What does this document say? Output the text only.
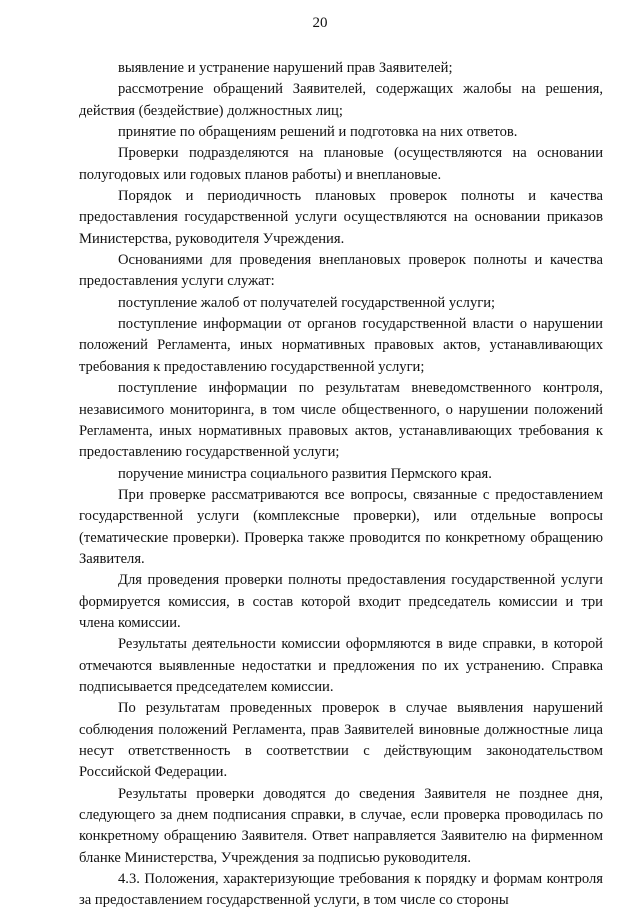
20

выявление и устранение нарушений прав Заявителей;

рассмотрение обращений Заявителей, содержащих жалобы на решения, действия (бездействие) должностных лиц;

принятие по обращениям решений и подготовка на них ответов.

Проверки подразделяются на плановые (осуществляются на основании полугодовых или годовых планов работы) и внеплановые.

Порядок и периодичность плановых проверок полноты и качества предоставления государственной услуги осуществляются на основании приказов Министерства, руководителя Учреждения.

Основаниями для проведения внеплановых проверок полноты и качества предоставления услуги служат:

поступление жалоб от получателей государственной услуги;

поступление информации от органов государственной власти о нарушении положений Регламента, иных нормативных правовых актов, устанавливающих требования к предоставлению государственной услуги;

поступление информации по результатам вневедомственного контроля, независимого мониторинга, в том числе общественного, о нарушении положений Регламента, иных нормативных правовых актов, устанавливающих требования к предоставлению государственной услуги;

поручение министра социального развития Пермского края.

При проверке рассматриваются все вопросы, связанные с предоставлением государственной услуги (комплексные проверки), или отдельные вопросы (тематические проверки). Проверка также проводится по конкретному обращению Заявителя.

Для проведения проверки полноты предоставления государственной услуги формируется комиссия, в состав которой входит председатель комиссии и три члена комиссии.

Результаты деятельности комиссии оформляются в виде справки, в которой отмечаются выявленные недостатки и предложения по их устранению. Справка подписывается председателем комиссии.

По результатам проведенных проверок в случае выявления нарушений соблюдения положений Регламента, прав Заявителей виновные должностные лица несут ответственность в соответствии с действующим законодательством Российской Федерации.

Результаты проверки доводятся до сведения Заявителя не позднее дня, следующего за днем подписания справки, в случае, если проверка проводилась по конкретному обращению Заявителя. Ответ направляется Заявителю на фирменном бланке Министерства, Учреждения за подписью руководителя.

4.3. Положения, характеризующие требования к порядку и формам контроля за предоставлением государственной услуги, в том числе со стороны
